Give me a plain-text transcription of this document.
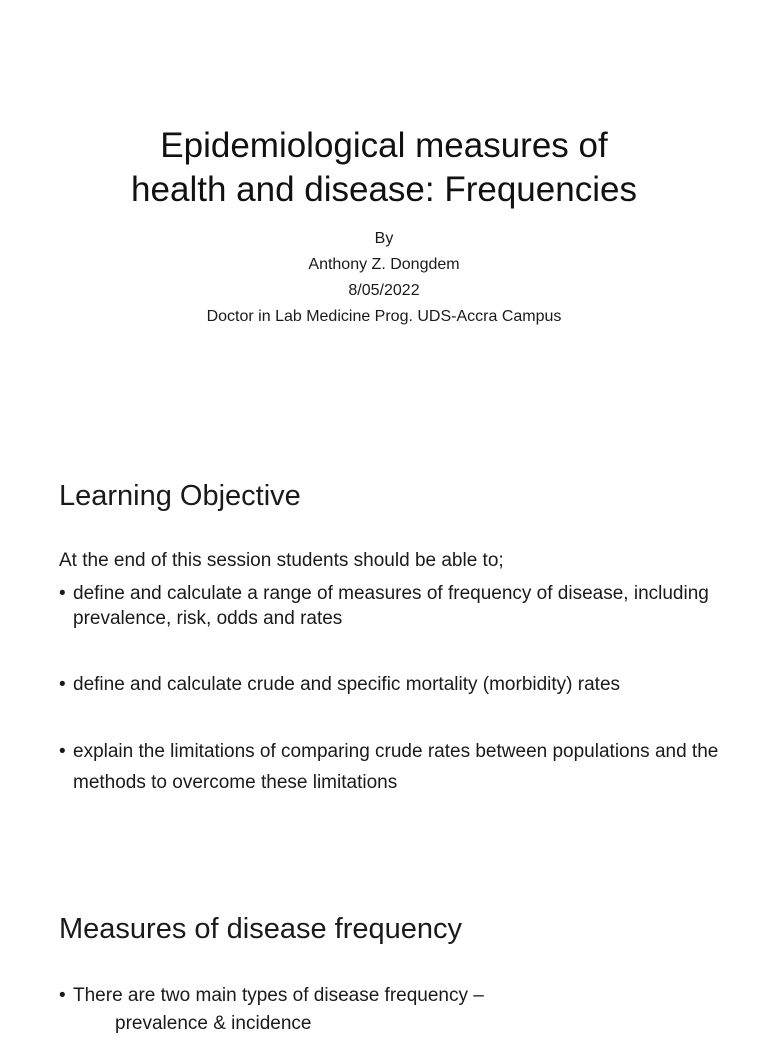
Epidemiological measures of
health and disease: Frequencies
By
Anthony Z. Dongdem
8/05/2022
Doctor in Lab Medicine Prog. UDS-Accra Campus
Learning Objective
At the end of this session students should be able to;
• define and calculate a range of measures of frequency of disease, including prevalence, risk, odds and rates
• define and calculate crude and specific mortality (morbidity) rates
• explain the limitations of comparing crude rates between populations and the methods to overcome these limitations
Measures of disease frequency
• There are two main types of disease frequency –
prevalence & incidence
